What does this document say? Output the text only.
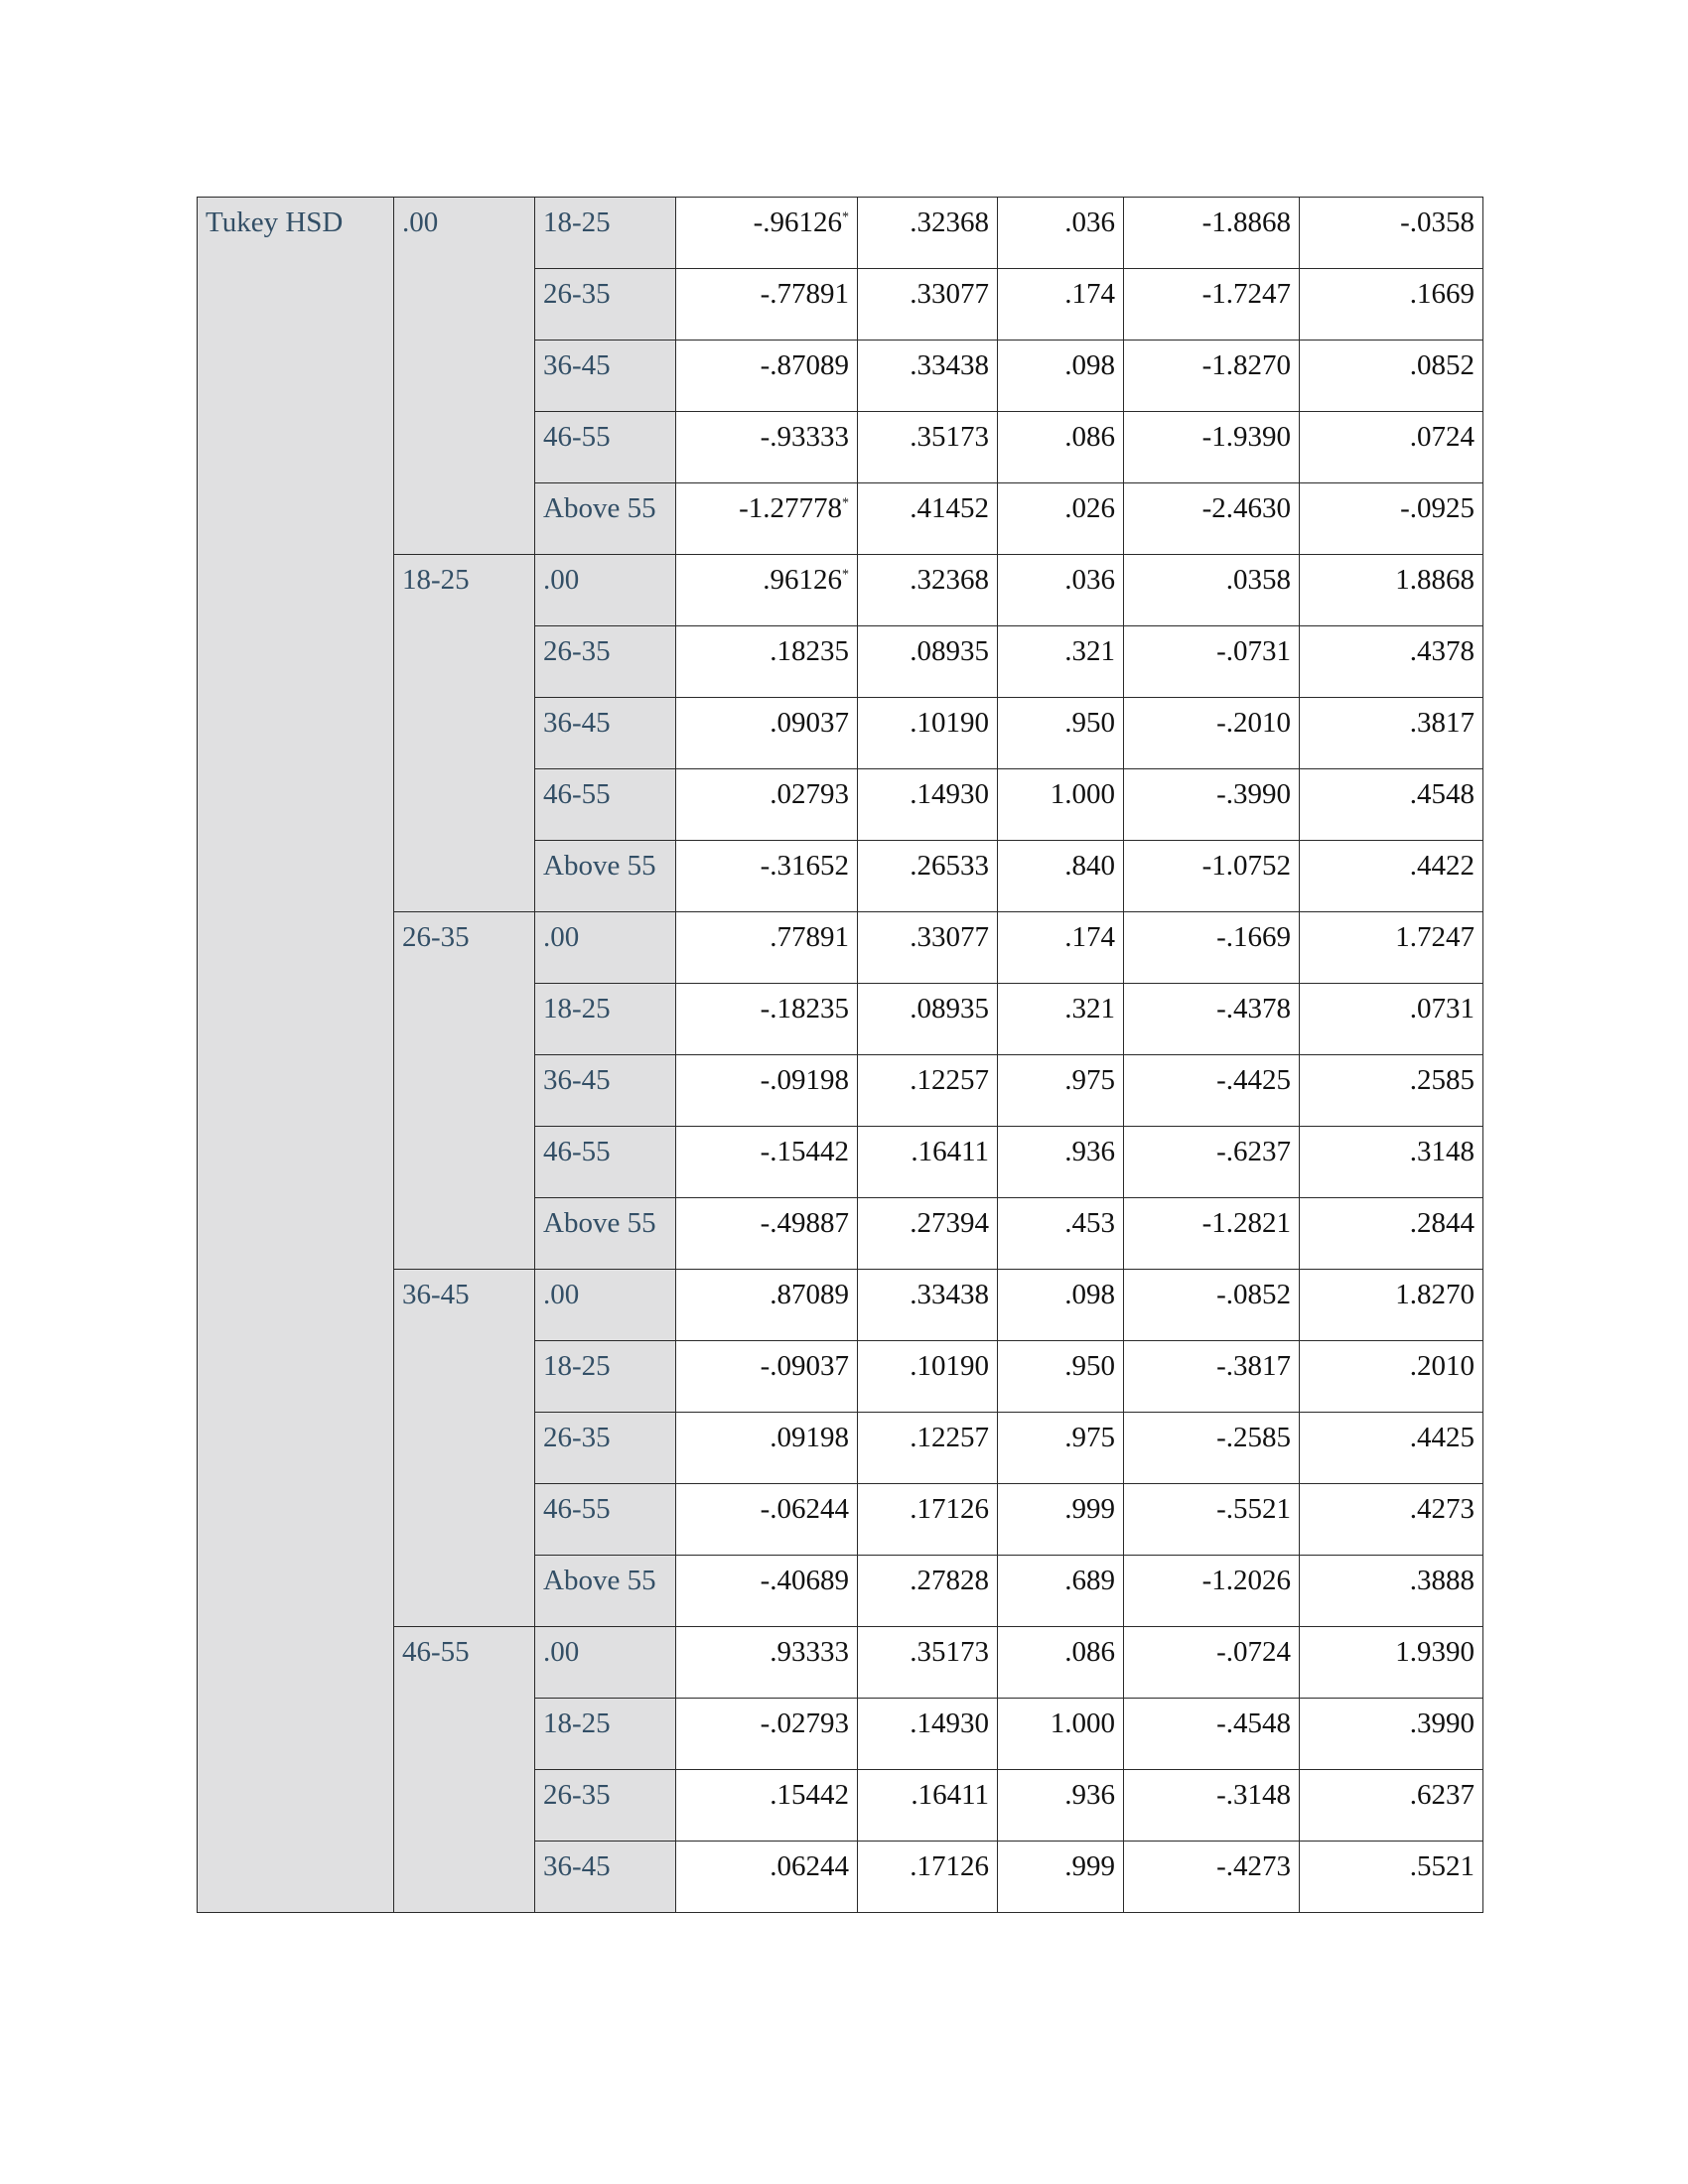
Tukey HSD	.00	18-25	-.96126*	.32368	.036	-1.8868	-.0358
		26-35	-.77891	.33077	.174	-1.7247	.1669
		36-45	-.87089	.33438	.098	-1.8270	.0852
		46-55	-.93333	.35173	.086	-1.9390	.0724
		Above 55	-1.27778*	.41452	.026	-2.4630	-.0925
	18-25	.00	.96126*	.32368	.036	.0358	1.8868
		26-35	.18235	.08935	.321	-.0731	.4378
		36-45	.09037	.10190	.950	-.2010	.3817
		46-55	.02793	.14930	1.000	-.3990	.4548
		Above 55	-.31652	.26533	.840	-1.0752	.4422
	26-35	.00	.77891	.33077	.174	-.1669	1.7247
		18-25	-.18235	.08935	.321	-.4378	.0731
		36-45	-.09198	.12257	.975	-.4425	.2585
		46-55	-.15442	.16411	.936	-.6237	.3148
		Above 55	-.49887	.27394	.453	-1.2821	.2844
	36-45	.00	.87089	.33438	.098	-.0852	1.8270
		18-25	-.09037	.10190	.950	-.3817	.2010
		26-35	.09198	.12257	.975	-.2585	.4425
		46-55	-.06244	.17126	.999	-.5521	.4273
		Above 55	-.40689	.27828	.689	-1.2026	.3888
	46-55	.00	.93333	.35173	.086	-.0724	1.9390
		18-25	-.02793	.14930	1.000	-.4548	.3990
		26-35	.15442	.16411	.936	-.3148	.6237
		36-45	.06244	.17126	.999	-.4273	.5521
